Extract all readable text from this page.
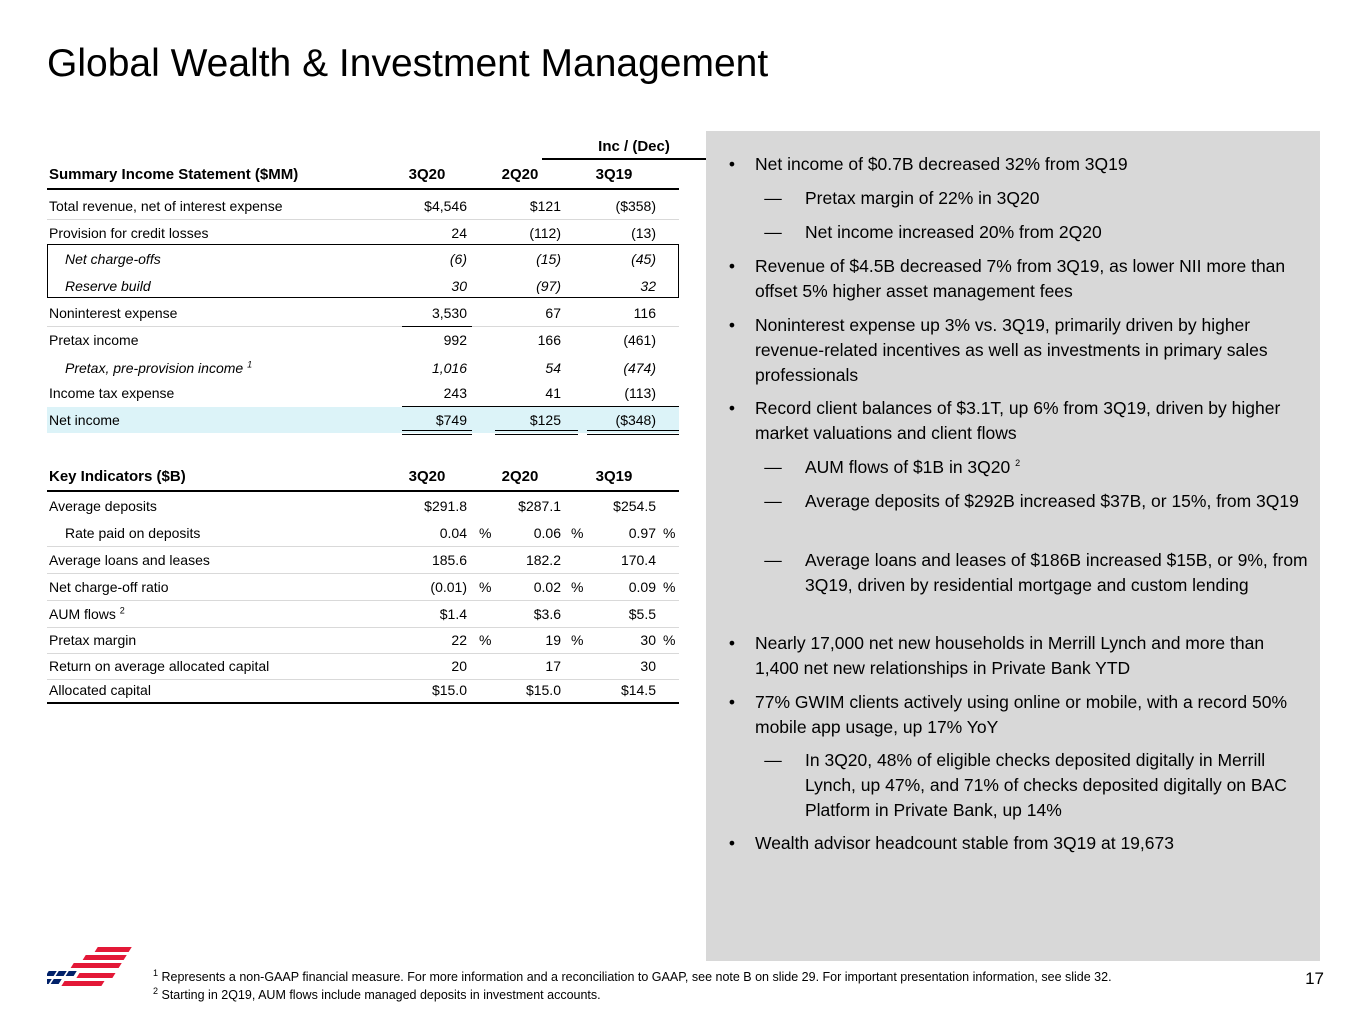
Global Wealth & Investment Management
Inc / (Dec)
Summary Income Statement ($MM)	3Q20	2Q20	3Q19
Total revenue, net of interest expense	$4,546	$121	($358)
Provision for credit losses	24	(112)	(13)
Net charge-offs	(6)	(15)	(45)
Reserve build	30	(97)	32
Noninterest expense	3,530	67	116
Pretax income	992	166	(461)
Pretax, pre-provision income $^1$	1,016	54	(474)
Income tax expense	243	41	(113)
Net income	$749	$125	($348)
Key Indicators ($B)	3Q20	2Q20	3Q19
Average deposits	$291.8	$287.1	$254.5
Rate paid on deposits	0.04 %	0.06 %	0.97 %
Average loans and leases	185.6	182.2	170.4
Net charge-off ratio	(0.01) %	0.02 %	0.09 %
AUM flows $^2$	$1.4	$3.6	$5.5
Pretax margin	22 %	19 %	30 %
Return on average allocated capital	20	17	30
Allocated capital	$15.0	$15.0	$14.5
•	Net income of $0.7B decreased 32% from 3Q19
— Pretax margin of 22% in 3Q20
— Net income increased 20% from 2Q20
•	Revenue of $4.5B decreased 7% from 3Q19, as lower NII more than offset 5% higher asset management fees
•	Noninterest expense up 3% vs. 3Q19, primarily driven by higher revenue-related incentives as well as investments in primary sales professionals
•	Record client balances of $3.1T, up 6% from 3Q19, driven by higher market valuations and client flows
— AUM flows of $1B in 3Q20 $^2$
— Average deposits of $292B increased $37B, or 15%, from 3Q19
— Average loans and leases of $186B increased $15B, or 9%, from 3Q19, driven by residential mortgage and custom lending
•	Nearly 17,000 net new households in Merrill Lynch and more than 1,400 net new relationships in Private Bank YTD
•	77% GWIM clients actively using online or mobile, with a record 50% mobile app usage, up 17% YoY
— In 3Q20, 48% of eligible checks deposited digitally in Merrill Lynch, up 47%, and 71% of checks deposited digitally on BAC Platform in Private Bank, up 14%
•	Wealth advisor headcount stable from 3Q19 at 19,673
$^1$ Represents a non-GAAP financial measure. For more information and a reconciliation to GAAP, see note B on slide 29. For important presentation information, see slide 32.
$^2$ Starting in 2Q19, AUM flows include managed deposits in investment accounts.
17
